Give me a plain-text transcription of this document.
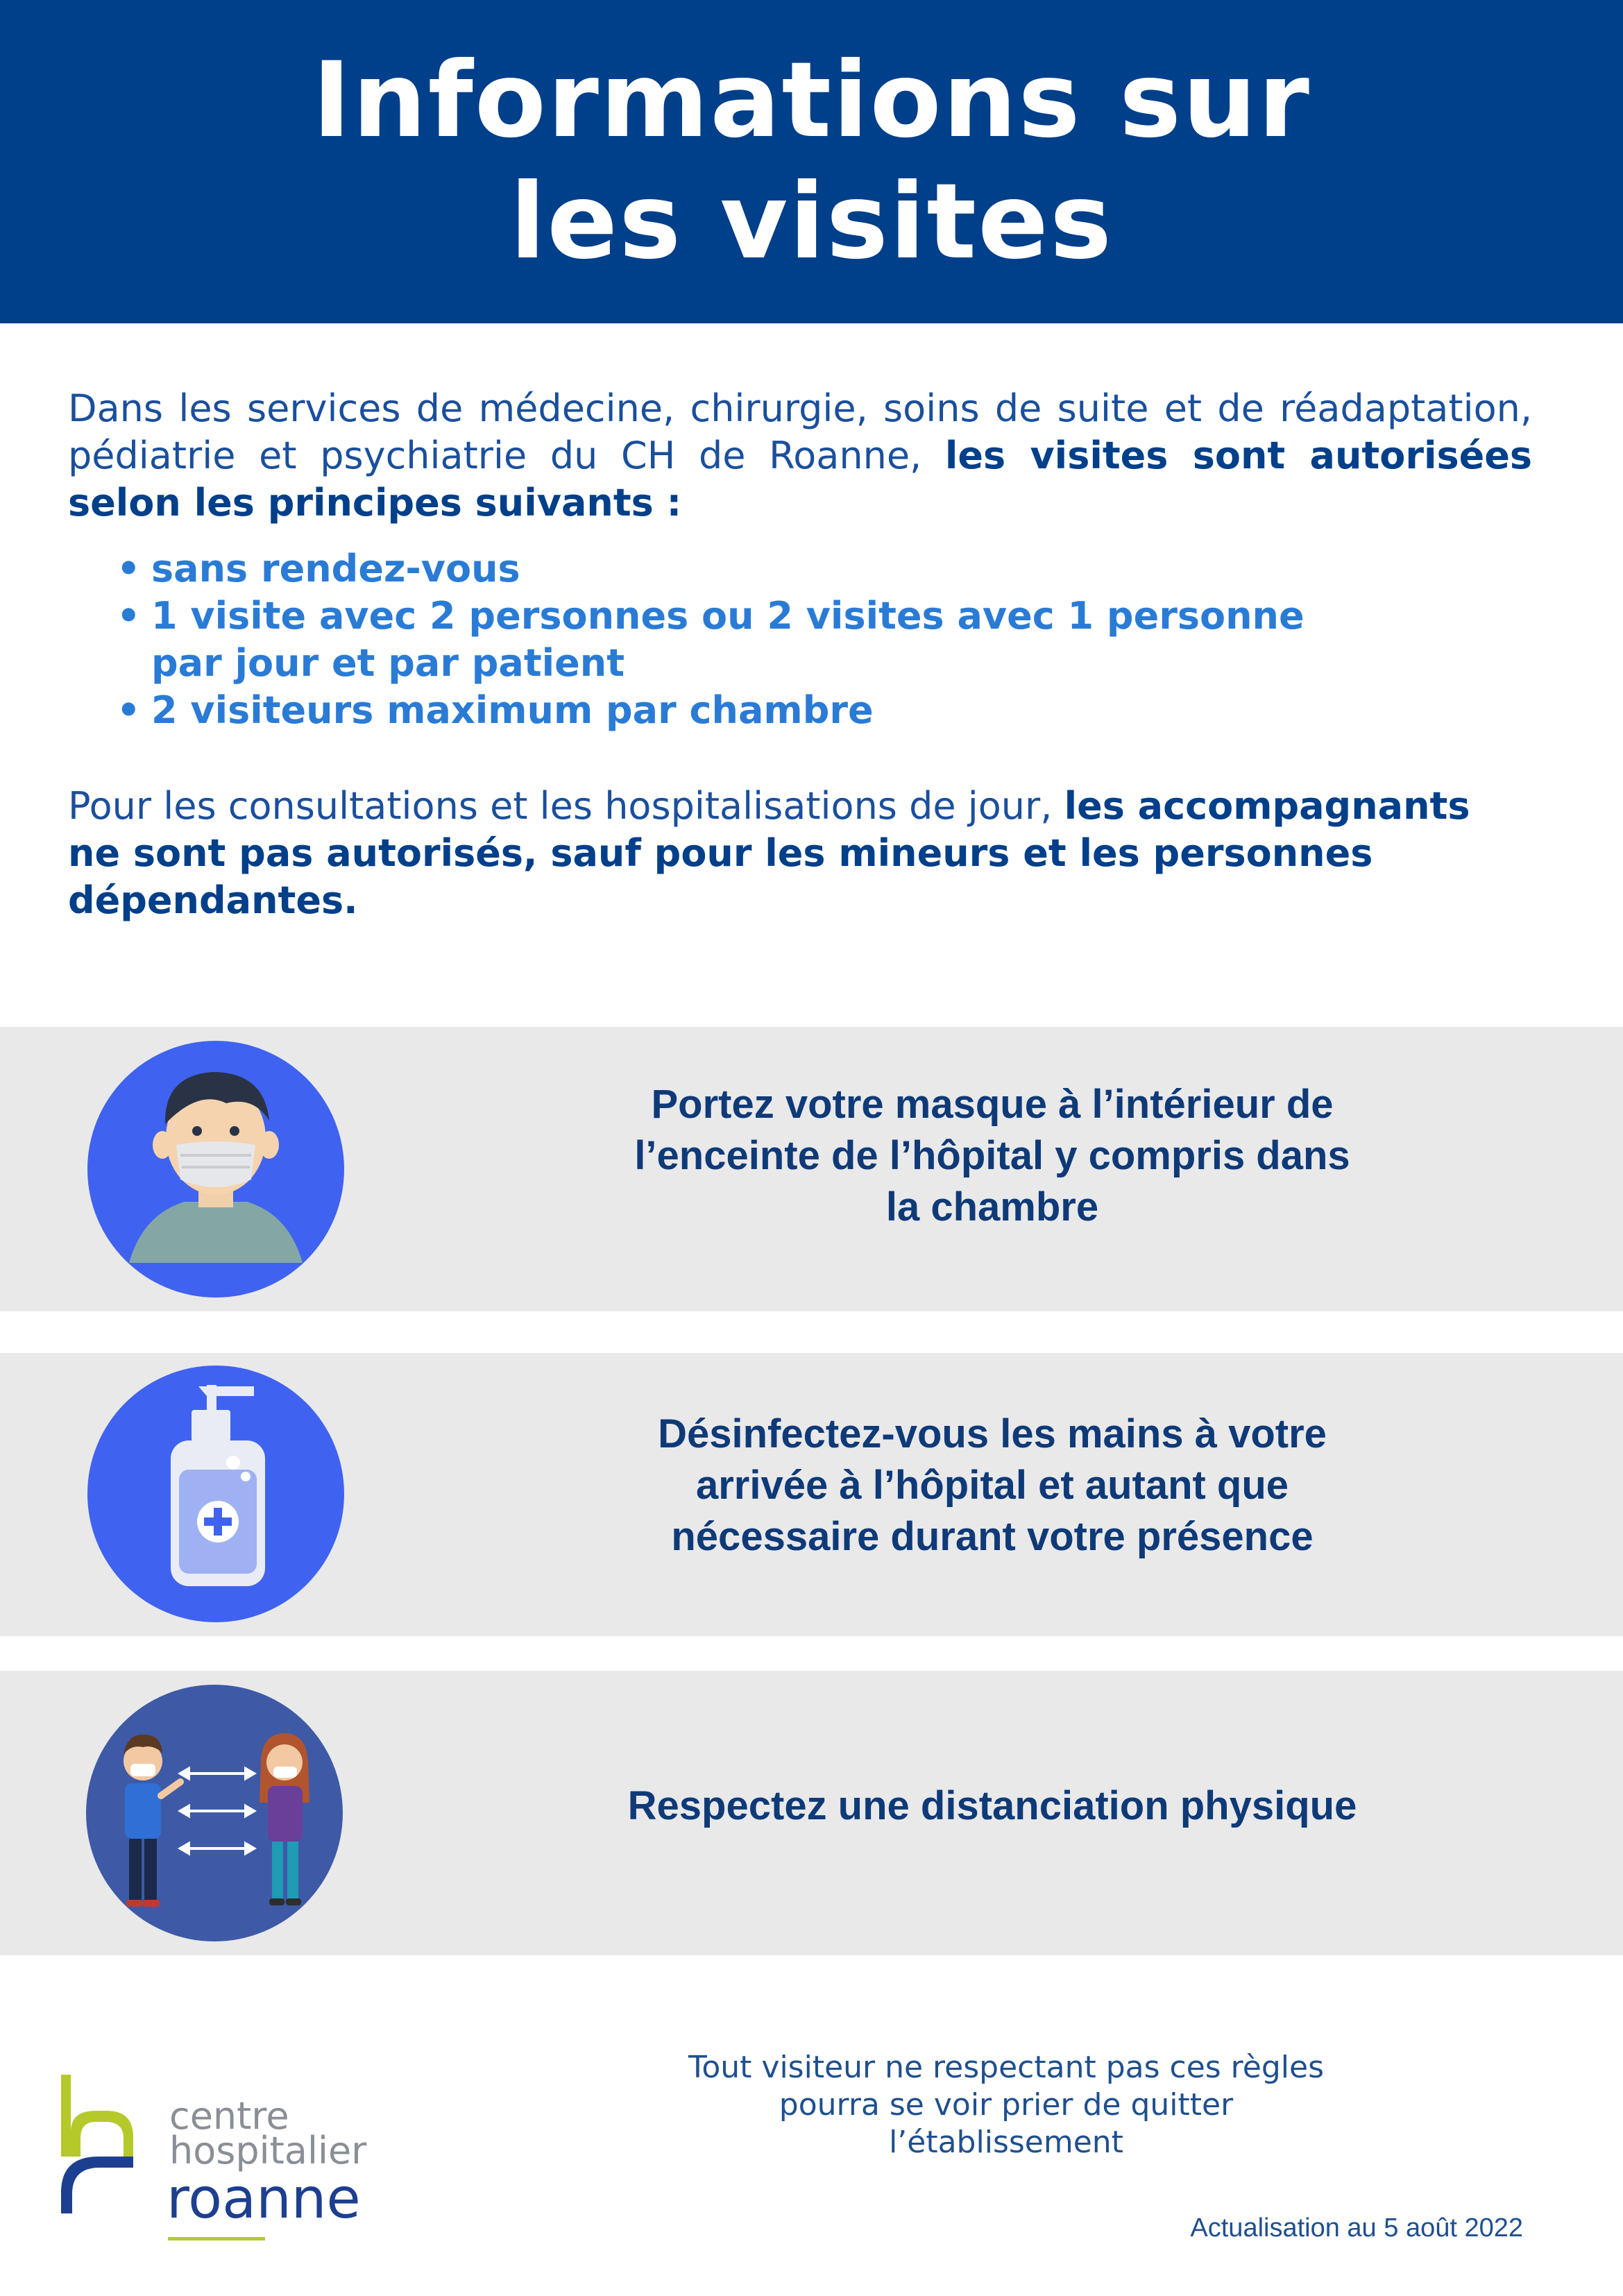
Informations sur les visites
Dans les services de médecine, chirurgie, soins de suite et de réadaptation, pédiatrie et psychiatrie du CH de Roanne, les visites sont autorisées selon les principes suivants :
• sans rendez-vous
• 1 visite avec 2 personnes ou 2 visites avec 1 personne par jour et par patient
• 2 visiteurs maximum par chambre
Pour les consultations et les hospitalisations de jour, les accompagnants ne sont pas autorisés, sauf pour les mineurs et les personnes dépendantes.
Portez votre masque à l’intérieur de l’enceinte de l’hôpital y compris dans la chambre
Désinfectez-vous les mains à votre arrivée à l’hôpital et autant que nécessaire durant votre présence
Respectez une distanciation physique
centre
hospitalier
roanne
Tout visiteur ne respectant pas ces règles pourra se voir prier de quitter l’établissement
Actualisation au 5 août 2022
